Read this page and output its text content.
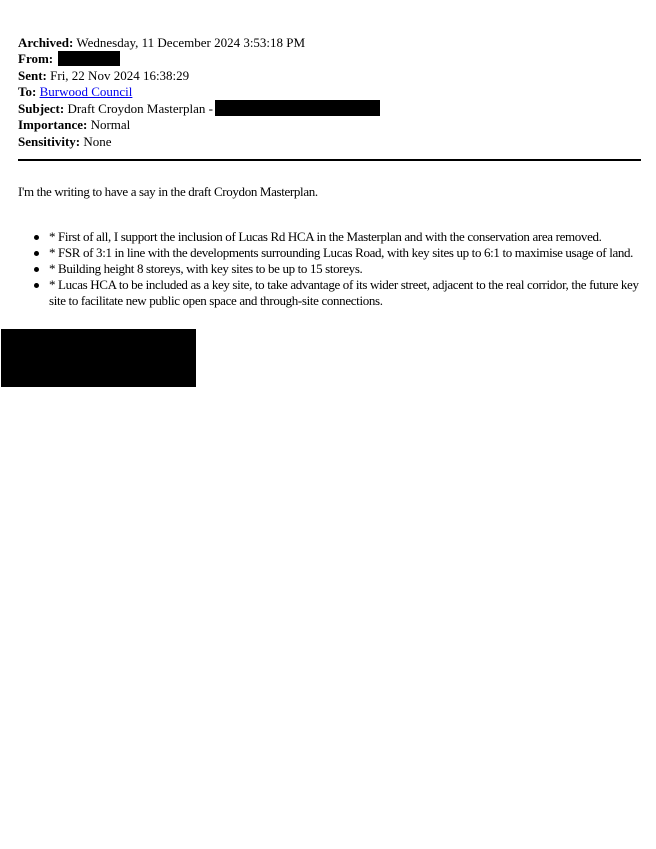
Archived: Wednesday, 11 December 2024 3:53:18 PM
From:
Sent: Fri, 22 Nov 2024 16:38:29
To: Burwood Council
Subject: Draft Croydon Masterplan -
Importance: Normal
Sensitivity: None
I'm the writing to have a say in the draft Croydon Masterplan.
* First of all, I support the inclusion of Lucas Rd HCA in the Masterplan and with the conservation area removed.
* FSR of 3:1 in line with the developments surrounding Lucas Road, with key sites up to 6:1 to maximise usage of land.
* Building height 8 storeys, with key sites to be up to 15 storeys.
* Lucas HCA to be included as a key site, to take advantage of its wider street, adjacent to the real corridor, the future key site to facilitate new public open space and through-site connections.
